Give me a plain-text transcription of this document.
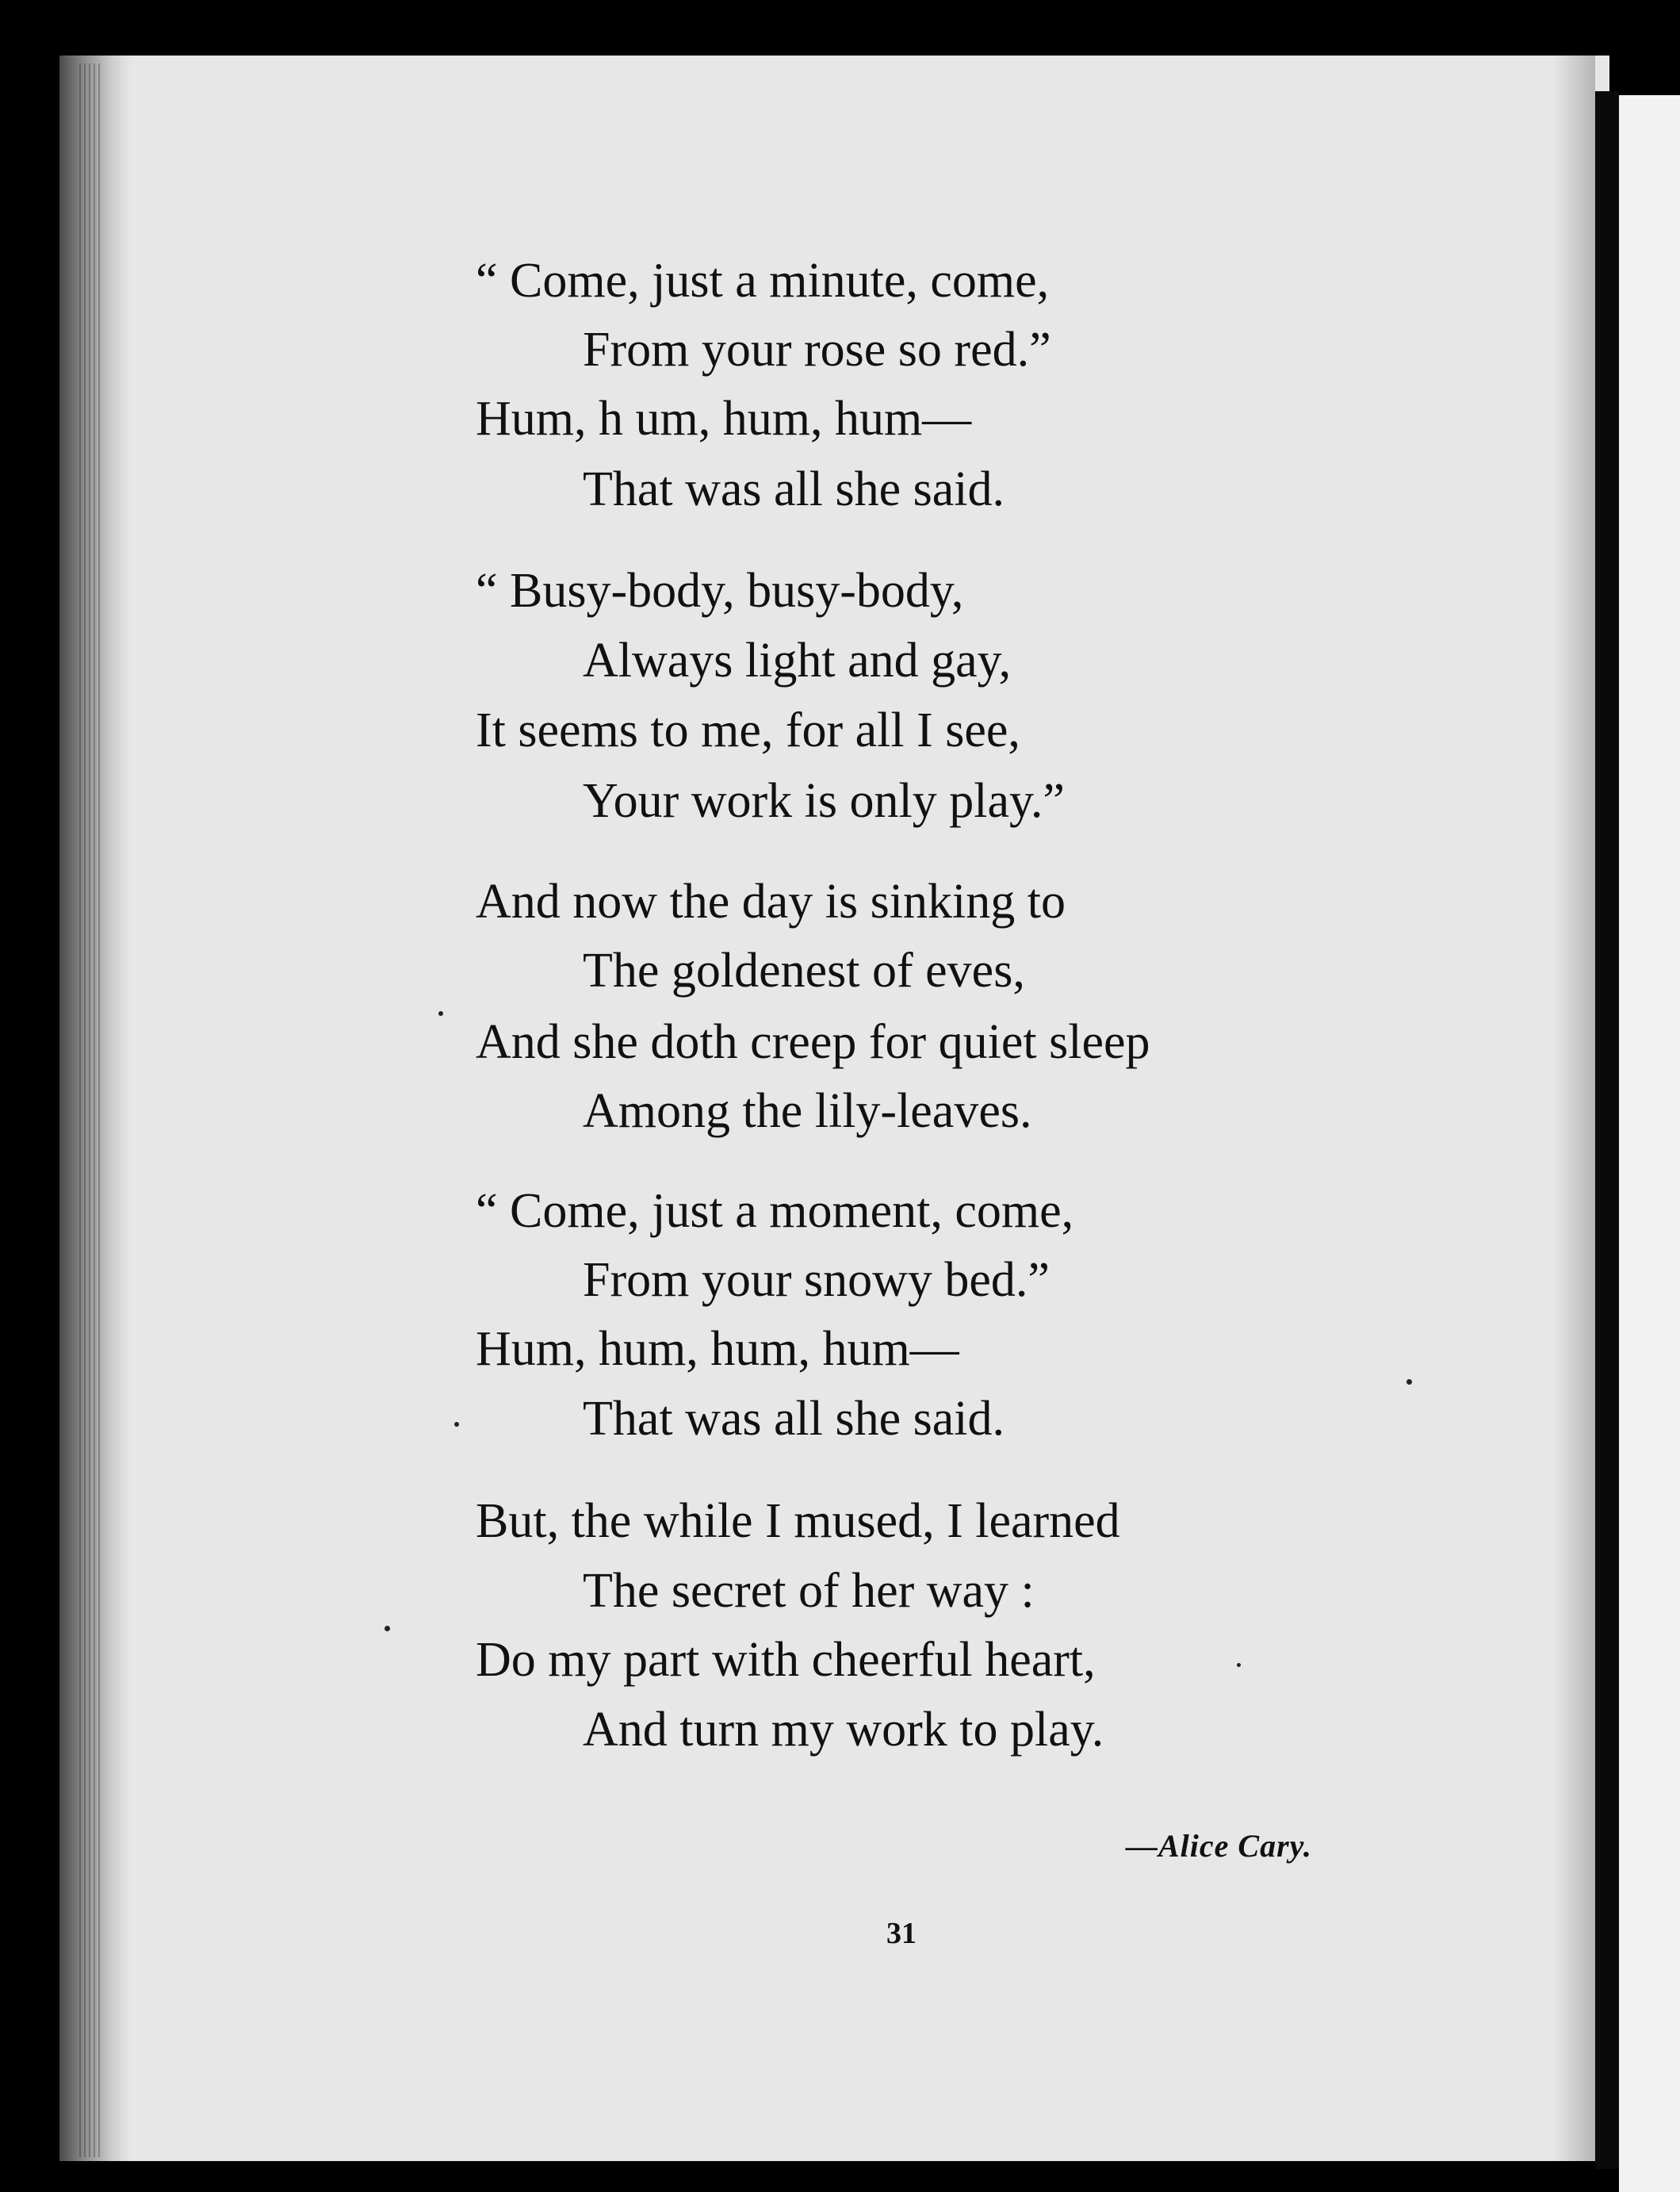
“ Come, just a minute, come,
From your rose so red.”
Hum, h um, hum, hum—
That was all she said.
“ Busy-body, busy-body,
Always light and gay,
It seems to me, for all I see,
Your work is only play.”
And now the day is sinking to
The goldenest of eves,
And she doth creep for quiet sleep
Among the lily-leaves.
“ Come, just a moment, come,
From your snowy bed.”
Hum, hum, hum, hum—
That was all she said.
But, the while I mused, I learned
The secret of her way :
Do my part with cheerful heart,
And turn my work to play.
—Alice Cary.
31
